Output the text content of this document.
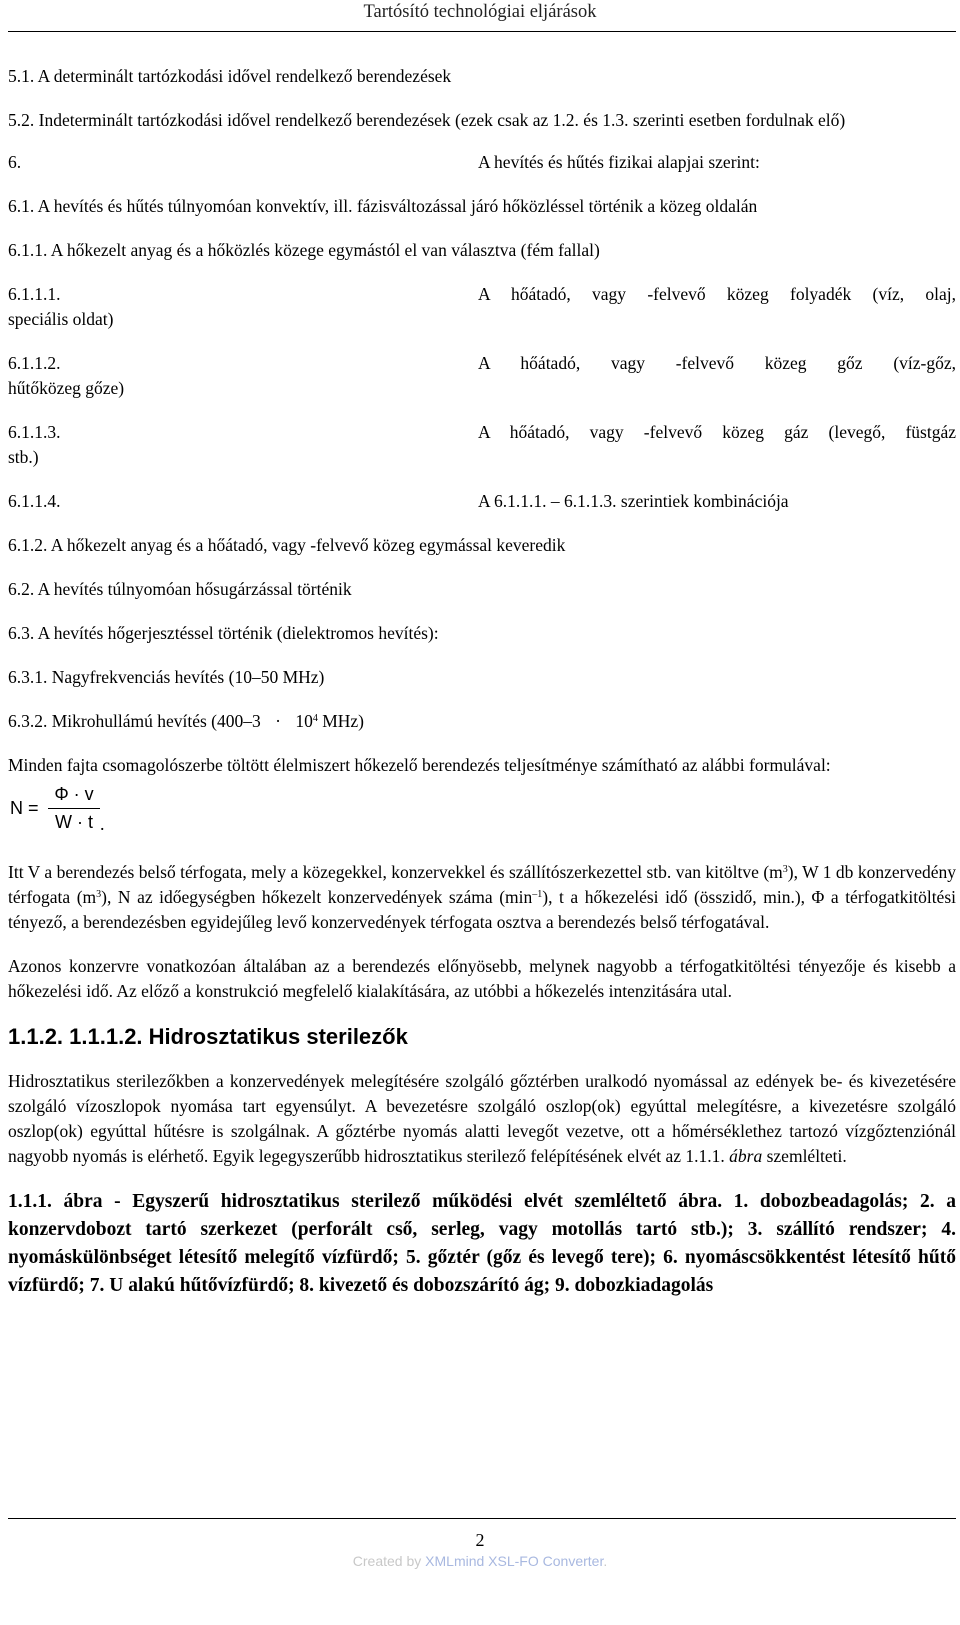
Tartósító technológiai eljárások

5.1. A determinált tartózkodási idővel rendelkező berendezések

5.2. Indeterminált tartózkodási idővel rendelkező berendezések (ezek csak az 1.2. és 1.3. szerinti esetben fordulnak elő)

6.	A hevítés és hűtés fizikai alapjai szerint:

6.1. A hevítés és hűtés túlnyomóan konvektív, ill. fázisváltozással járó hőközléssel történik a közeg oldalán

6.1.1. A hőkezelt anyag és a hőközlés közege egymástól el van választva (fém fallal)

6.1.1.1.	A hőátadó, vagy -felvevő közeg folyadék (víz, olaj,
speciális oldat)
6.1.1.2.	A hőátadó, vagy -felvevő közeg gőz (víz-gőz,
hűtőközeg gőze)
6.1.1.3.	A hőátadó, vagy -felvevő közeg gáz (levegő, füstgáz
stb.)
6.1.1.4.	A 6.1.1.1. – 6.1.1.3. szerintiek kombinációja

6.1.2. A hőkezelt anyag és a hőátadó, vagy -felvevő közeg egymással keveredik

6.2. A hevítés túlnyomóan hősugárzással történik

6.3. A hevítés hőgerjesztéssel történik (dielektromos hevítés):

6.3.1. Nagyfrekvenciás hevítés (10–50 MHz)

6.3.2. Mikrohullámú hevítés ($400-3 \cdot 10^4$ MHz)

Minden fajta csomagolószerbe töltött élelmiszert hőkezelő berendezés teljesítménye számítható az alábbi formulával:

N =
Φ · v
W · t .

Itt V a berendezés belső térfogata, mely a közegekkel, konzervekkel és szállítószerkezettel stb. van kitöltve $(m^3)$, W 1 db konzervedény térfogata $(m^3)$, N az időegységben hőkezelt konzervedények száma $(\min^{-1})$, t a hőkezelési idő (összidő, min.), Φ a térfogatkitöltési tényező, a berendezésben egyidejűleg levő konzervedények térfogata osztva a berendezés belső térfogatával.

Azonos konzervre vonatkozóan általában az a berendezés előnyösebb, melynek nagyobb a térfogatkitöltési tényezője és kisebb a hőkezelési idő. Az előző a konstrukció megfelelő kialakítására, az utóbbi a hőkezelés intenzitására utal.

1.1.2. 1.1.1.2. Hidrosztatikus sterilezők

Hidrosztatikus sterilezőkben a konzervedények melegítésére szolgáló gőztérben uralkodó nyomással az edények be- és kivezetésére szolgáló vízoszlopok nyomása tart egyensúlyt. A bevezetésre szolgáló oszlop(ok) egyúttal melegítésre, a kivezetésre szolgáló oszlop(ok) egyúttal hűtésre is szolgálnak. A gőztérbe nyomás alatti levegőt vezetve, ott a hőmérséklethez tartozó vízgőztenziónál nagyobb nyomás is elérhető. Egyik legegyszerűbb hidrosztatikus sterilező felépítésének elvét az 1.1.1. ábra szemlélteti.

1.1.1. ábra - Egyszerű hidrosztatikus sterilező működési elvét szemléltető ábra. 1. dobozbeadagolás; 2. a konzervdobozt tartó szerkezet (perforált cső, serleg, vagy motollás tartó stb.); 3. szállító rendszer; 4. nyomáskülönbséget létesítő melegítő vízfürdő; 5. gőztér (gőz és levegő tere); 6. nyomáscsökkentést létesítő hűtő vízfürdő; 7. U alakú hűtővízfürdő; 8. kivezető és dobozszárító ág; 9. dobozkiadagolás

2
Created by XMLmind XSL-FO Converter.
